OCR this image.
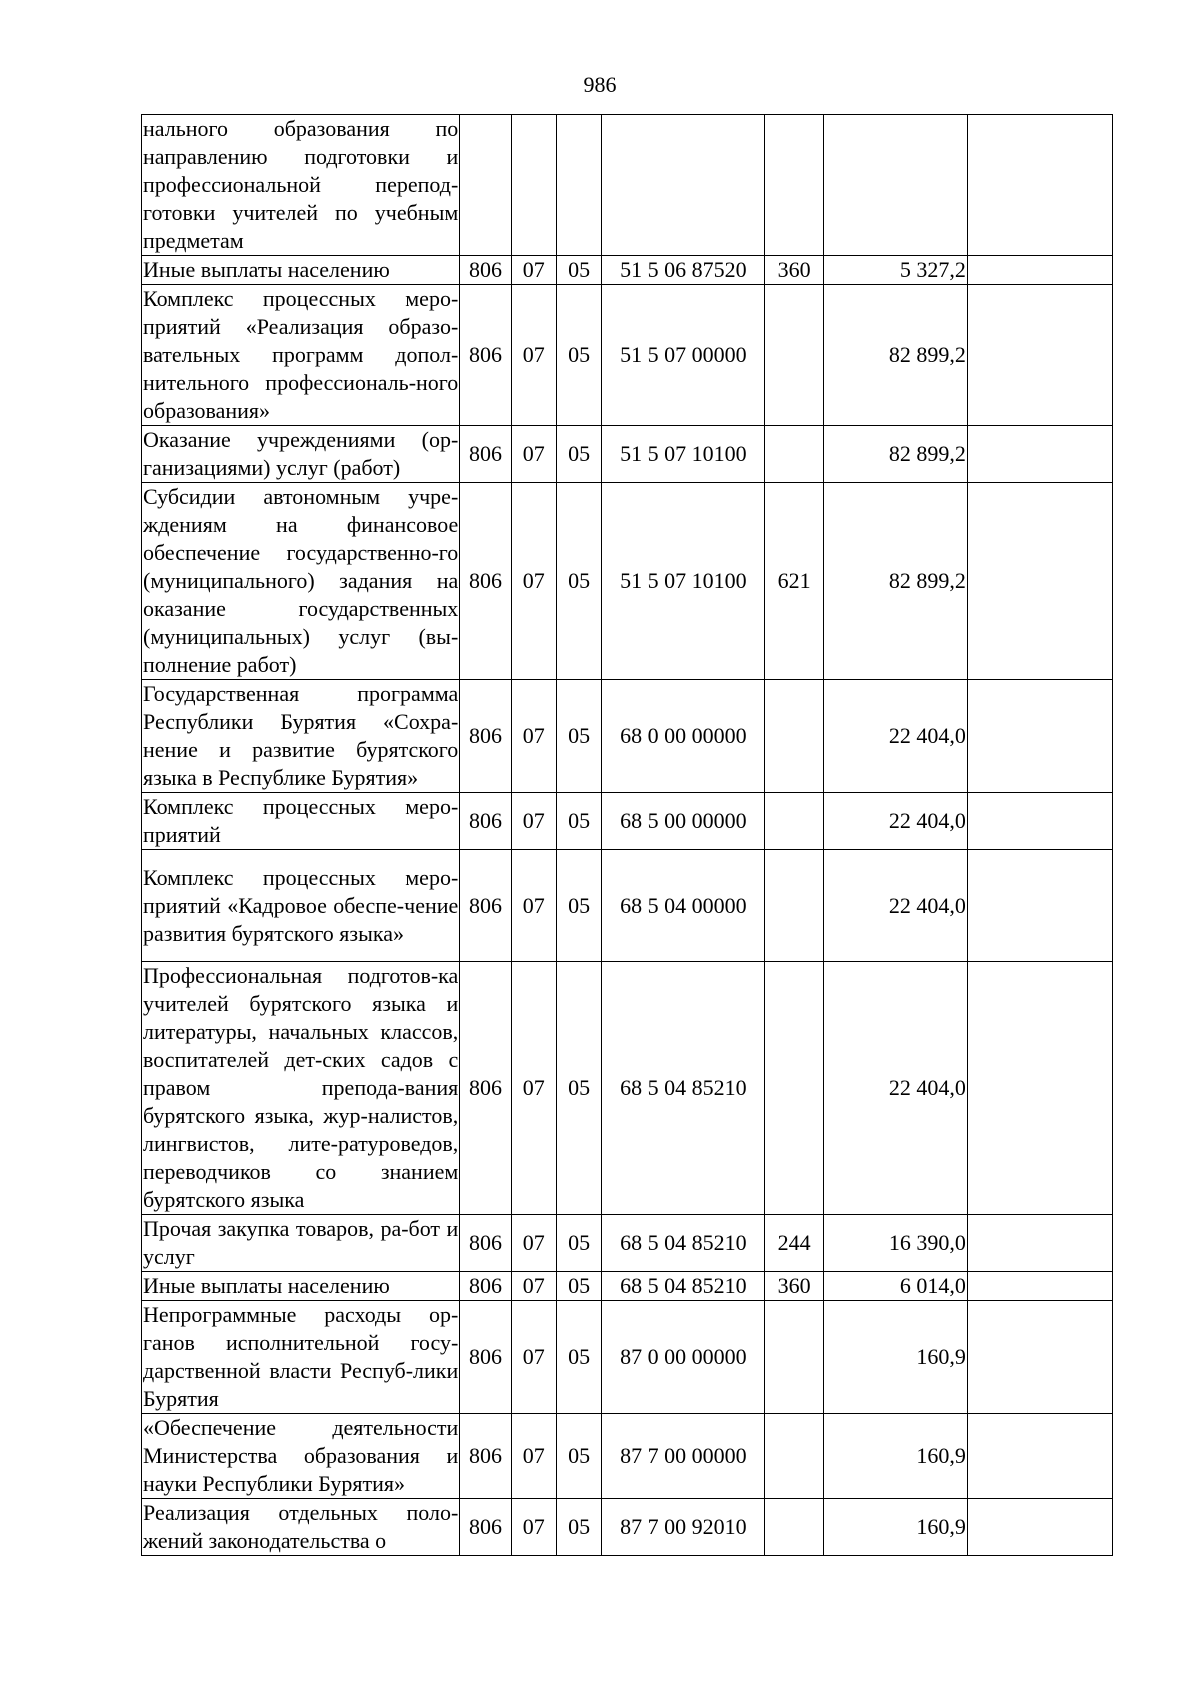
986
нального образования по направлению подготовки и профессиональной перепод-готовки учителей по учебным предметам							
Иные выплаты населению	806	07	05	51 5 06 87520	360	5 327,2	
Комплекс процессных меро-приятий «Реализация образо-вательных программ допол-нительного профессиональ-ного образования»	806	07	05	51 5 07 00000		82 899,2	
Оказание учреждениями (ор-ганизациями) услуг (работ)	806	07	05	51 5 07 10100		82 899,2	
Субсидии автономным учре-ждениям на финансовое обеспечение государственно-го (муниципального) задания на оказание государственных (муниципальных) услуг (вы-полнение работ)	806	07	05	51 5 07 10100	621	82 899,2	
Государственная программа Республики Бурятия «Сохра-нение и развитие бурятского языка в Республике Бурятия»	806	07	05	68 0 00 00000		22 404,0	
Комплекс процессных меро-приятий	806	07	05	68 5 00 00000		22 404,0	
Комплекс процессных меро-приятий «Кадровое обеспе-чение развития бурятского языка»	806	07	05	68 5 04 00000		22 404,0	
Профессиональная подготов-ка учителей бурятского языка и литературы, начальных классов, воспитателей дет-ских садов с правом препода-вания бурятского языка, жур-налистов, лингвистов, лите-ратуроведов, переводчиков со знанием бурятского языка	806	07	05	68 5 04 85210		22 404,0	
Прочая закупка товаров, ра-бот и услуг	806	07	05	68 5 04 85210	244	16 390,0	
Иные выплаты населению	806	07	05	68 5 04 85210	360	6 014,0	
Непрограммные расходы ор-ганов исполнительной госу-дарственной власти Респуб-лики Бурятия	806	07	05	87 0 00 00000		160,9	
«Обеспечение деятельности Министерства образования и науки Республики Бурятия»	806	07	05	87 7 00 00000		160,9	
Реализация отдельных поло-жений законодательства о	806	07	05	87 7 00 92010		160,9	
